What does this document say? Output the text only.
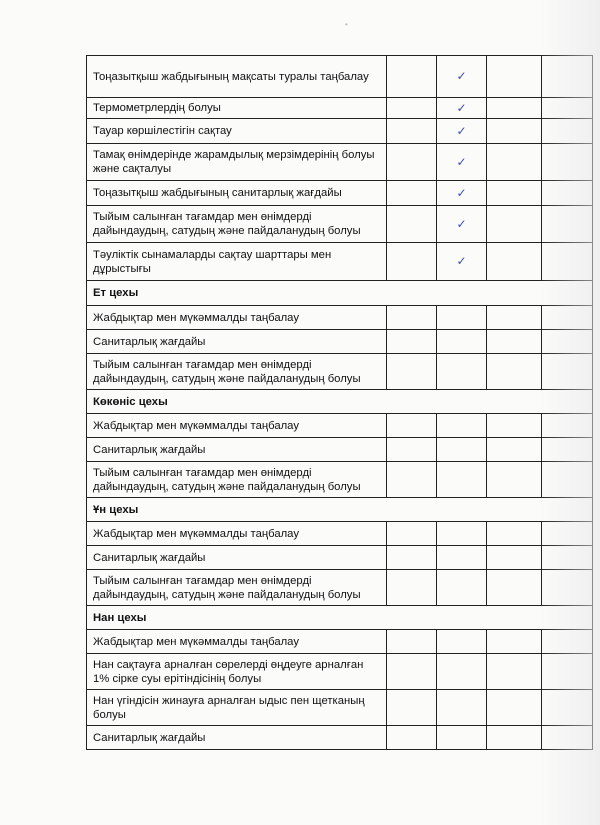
•
Тоңазытқыш жабдығының мақсаты туралы таңбалау		✓		
Термометрлердің болуы		✓		
Тауар көршілестігін сақтау		✓		
Тамақ өнімдерінде жарамдылық мерзімдерінің болуы және сақталуы		✓		
Тоңазытқыш жабдығының санитарлық жағдайы		✓		
Тыйым салынған тағамдар мен өнімдерді дайындаудың, сатудың және пайдаланудың болуы		✓		
Тәуліктік сынамаларды сақтау шарттары мен дұрыстығы		✓		
Ет цехы				
Жабдықтар мен мүкәммалды таңбалау				
Санитарлық жағдайы				
Тыйым салынған тағамдар мен өнімдерді дайындаудың, сатудың және пайдаланудың болуы				
Көкөніс цехы				
Жабдықтар мен мүкәммалды таңбалау				
Санитарлық жағдайы				
Тыйым салынған тағамдар мен өнімдерді дайындаудың, сатудың және пайдаланудың болуы				
Ұн цехы				
Жабдықтар мен мүкәммалды таңбалау				
Санитарлық жағдайы				
Тыйым салынған тағамдар мен өнімдерді дайындаудың, сатудың және пайдаланудың болуы				
Нан цехы				
Жабдықтар мен мүкәммалды таңбалау				
Нан сақтауға арналған сөрелерді өңдеуге арналған 1% сірке суы ерітіндісінің болуы				
Нан үгіндісін жинауға арналған ыдыс пен щетканың болуы				
Санитарлық жағдайы				
